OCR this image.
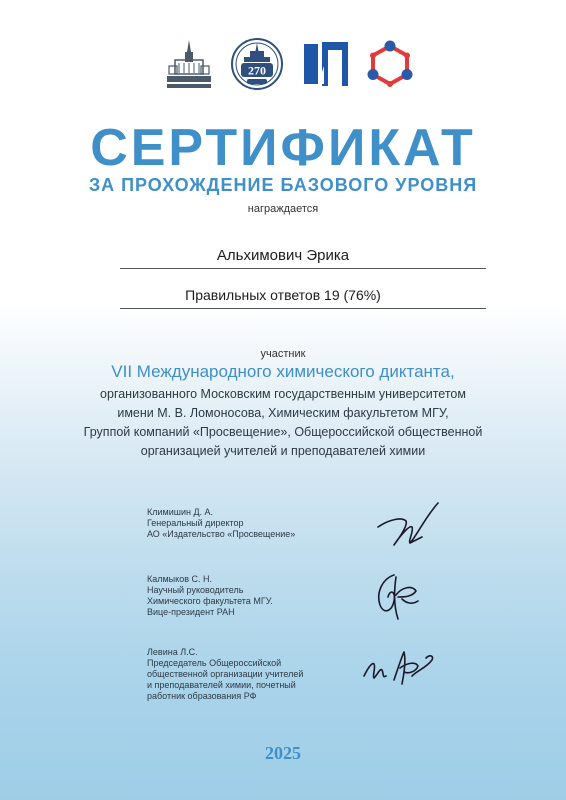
270
СЕРТИФИКАТ
ЗА ПРОХОЖДЕНИЕ БАЗОВОГО УРОВНЯ
награждается
Альхимович Эрика
Правильных ответов 19 (76%)
участник
VII Международного химического диктанта,
организованного Московским государственным университетом
имени М. В. Ломоносова, Химическим факультетом МГУ,
Группой компаний «Просвещение», Общероссийской общественной
организацией учителей и преподавателей химии
Климишин Д. А.
Генеральный директор
АО «Издательство «Просвещение»
Калмыков С. Н.
Научный руководитель
Химического факультета МГУ.
Вице-президент РАН
Левина Л.С.
Председатель Общероссийской
общественной организации учителей
и преподавателей химии, почетный
работник образования РФ
2025
